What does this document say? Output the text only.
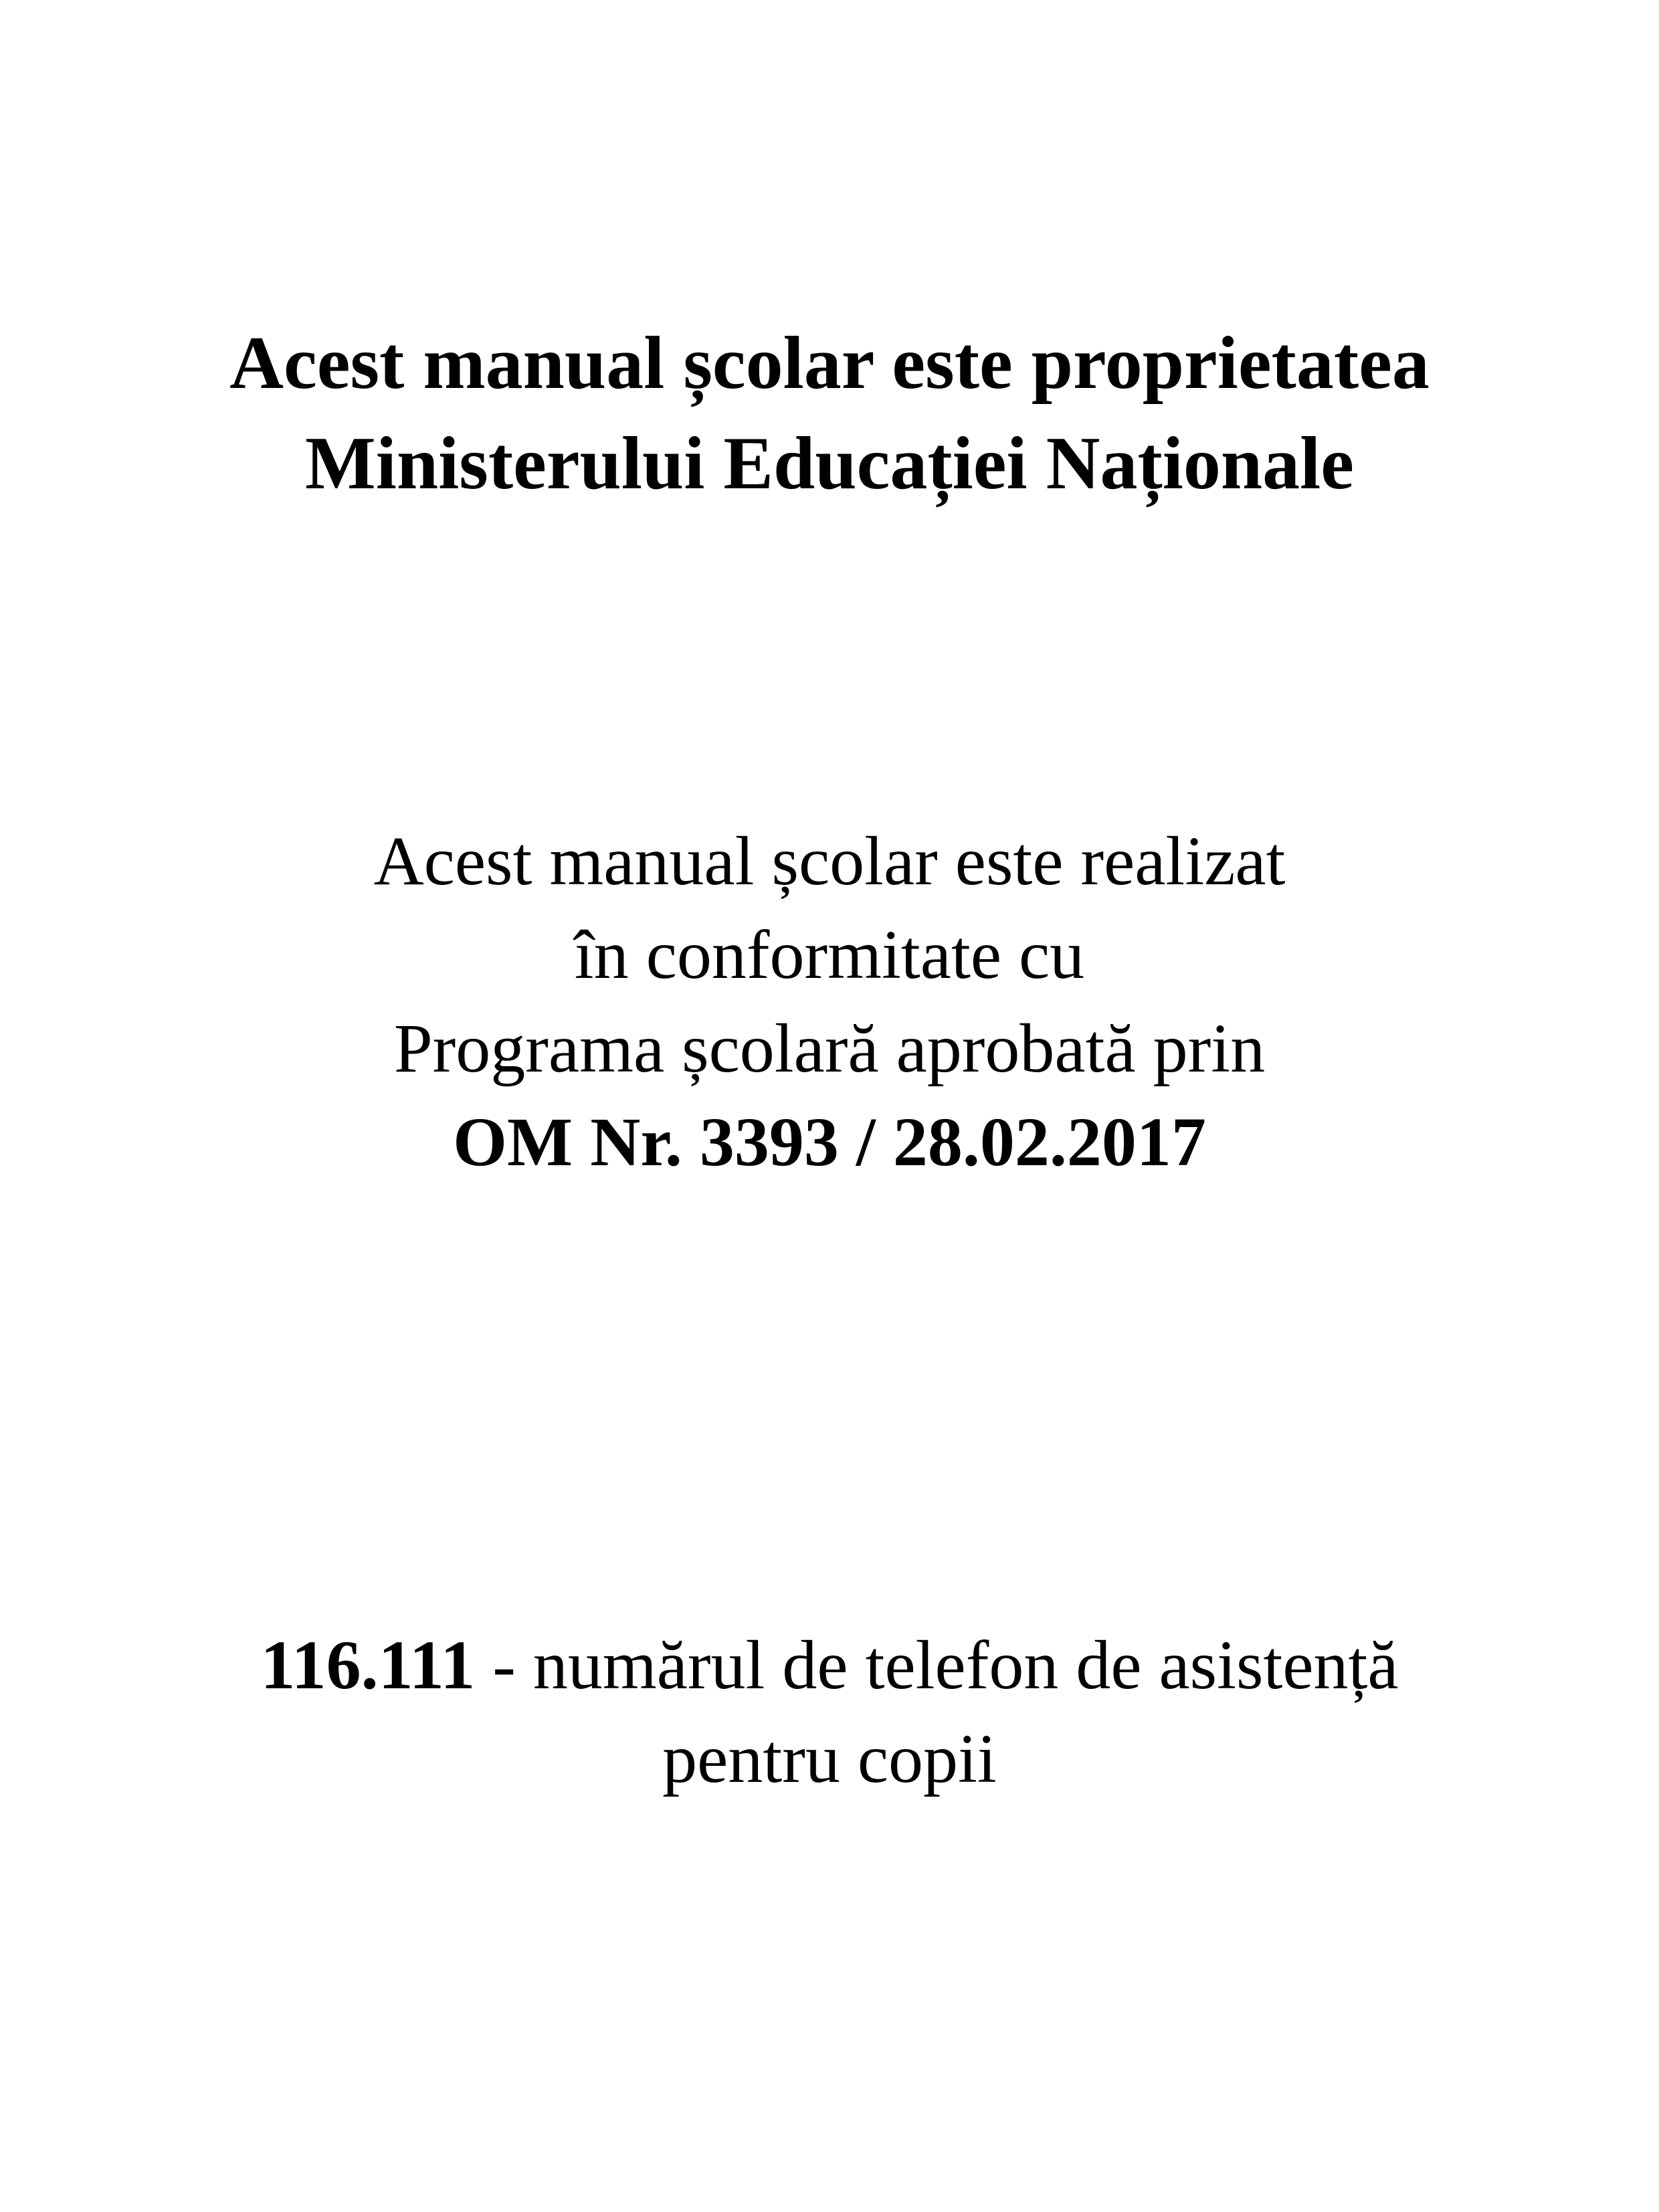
Acest manual școlar este proprietatea
Ministerului Educației Naționale
Acest manual școlar este realizat
în conformitate cu
Programa școlară aprobată prin
OM Nr. 3393 / 28.02.2017
116.111 - numărul de telefon de asistență
pentru copii
